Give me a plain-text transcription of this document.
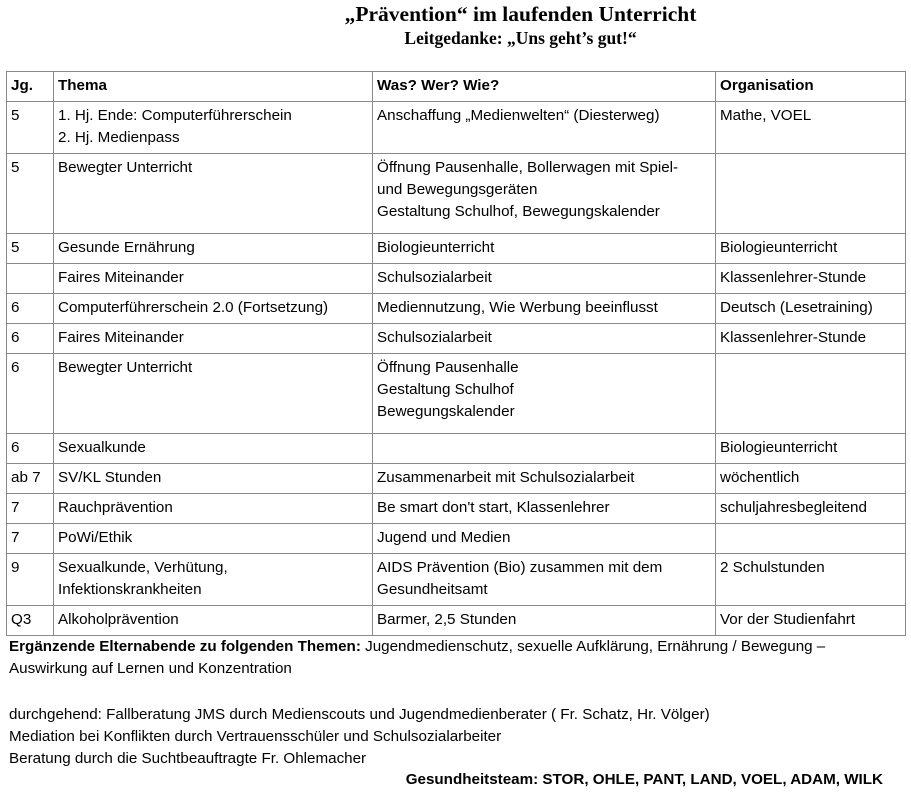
„Prävention“ im laufenden Unterricht
Leitgedanke: „Uns geht’s gut!“
Jg.	Thema	Was? Wer? Wie?	Organisation
5	1. Hj. Ende: Computerführerschein
2. Hj. Medienpass	Anschaffung „Medienwelten“ (Diesterweg)	Mathe, VOEL

5	Bewegter Unterricht	Öffnung Pausenhalle, Bollerwagen mit Spiel-
und Bewegungsgeräten
Gestaltung Schulhof, Bewegungskalender	

5	Gesunde Ernährung	Biologieunterricht	Biologieunterricht

	Faires Miteinander	Schulsozialarbeit	Klassenlehrer-Stunde

6	Computerführerschein 2.0 (Fortsetzung)	Mediennutzung, Wie Werbung beeinflusst	Deutsch (Lesetraining)

6	Faires Miteinander	Schulsozialarbeit	Klassenlehrer-Stunde

6	Bewegter Unterricht	Öffnung Pausenhalle
Gestaltung Schulhof
Bewegungskalender	

6	Sexualkunde		Biologieunterricht

ab 7	SV/KL Stunden	Zusammenarbeit mit Schulsozialarbeit	wöchentlich

7	Rauchprävention	Be smart don't start, Klassenlehrer	schuljahresbegleitend

7	PoWi/Ethik	Jugend und Medien	

9	Sexualkunde, Verhütung,
Infektionskrankheiten	AIDS Prävention (Bio) zusammen mit dem
Gesundheitsamt	2 Schulstunden

Q3	Alkoholprävention	Barmer, 2,5 Stunden	Vor der Studienfahrt
Ergänzende Elternabende zu folgenden Themen: Jugendmedienschutz, sexuelle Aufklärung, Ernährung / Bewegung – Auswirkung auf Lernen und Konzentration
durchgehend: Fallberatung JMS durch Medienscouts und Jugendmedienberater ( Fr. Schatz, Hr. Völger)
Mediation bei Konflikten durch Vertrauensschüler und Schulsozialarbeiter
Beratung durch die Suchtbeauftragte Fr. Ohlemacher
Gesundheitsteam: STOR, OHLE, PANT, LAND, VOEL, ADAM, WILK
